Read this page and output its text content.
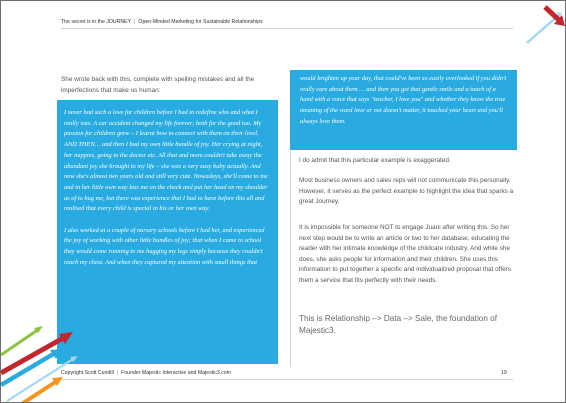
The secret is in the JOURNEY | Open-Minded Marketing for Sustainable Relationships
She wrote back with this, complete with spelling mistakes and all the imperfections that make us human:

I never had such a love for children before I had to redefine who and what I really was. A car accident changed my life forever; both for the good too. My passion for children grew – I learnt how to connect with them on their level. AND THEN… and then I had my own little bundle of joy. Her crying at night, her nappies, going to the doctor etc. All that and more couldn't take away the abundant joy she brought to my life – she was a very easy baby actually. And now she's almost two years old and still very cute. Nowadays, she'll come to me and in her little own way kiss me on the check and put her head on my shoulder as of to hug me, but there was experience that I had to have before this all and realised that every child is special in his or her own way.

I also worked at a couple of nursery schools before I had her, and experienced the joy of working with other little bundles of joy; that when I came to school they would come running to me hugging my legs simply because they couldn't reach my chest. And when they captured my attention with small things that

would brighten up your day, that could've been so easily overlooked if you didn't really care about them … and then you get that gentle smile and a touch of a hand with a voice that says "teacher, I love you" and whether they know the true meaning of the word love or not doesn't matter, it touched your heart and you'll always love them.

I do admit that this particular example is exaggerated.
Most business owners and sales reps will not communicate this personally. However, it serves as the perfect example to highlight the idea that sparks a great Journey.
It is impossible for someone NOT to engage Juani after writing this. So her next step would be to write an article or two to her database, educating the reader with her intimate knowledge of the childcare industry. And while she does, she asks people for information and their children. She uses this information to put together a specific and individualized proposal that offers them a service that fits perfectly with their needs.
This is Relationship –> Data –> Sale, the foundation of Majestic3.
Copyright Scott Cundill | Founder Majestic Interactive and Majestic3.com	19
